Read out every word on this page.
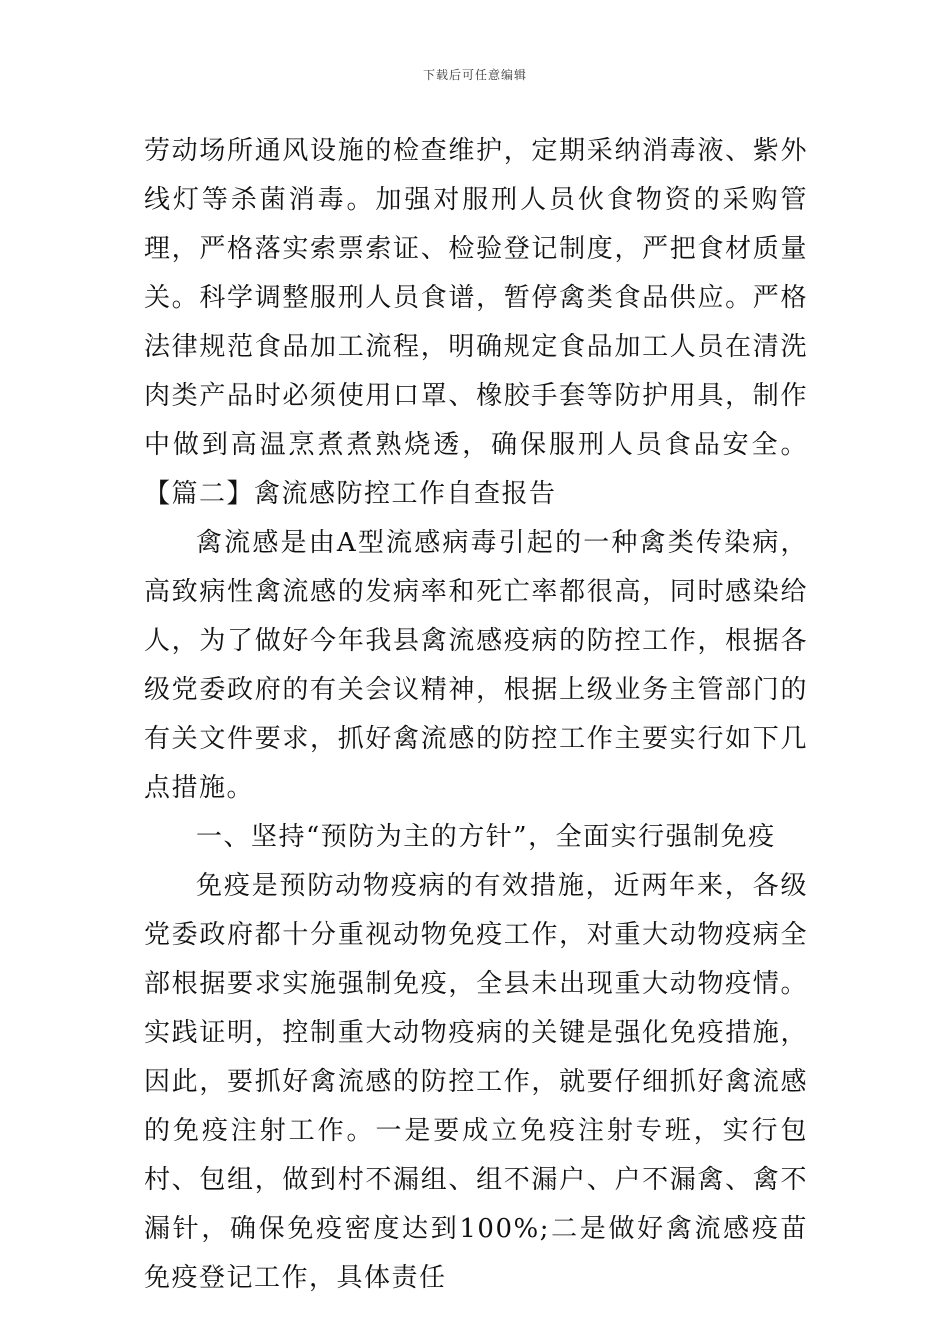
下载后可任意编辑

劳动场所通风设施的检查维护，定期采纳消毒液、紫外线灯等杀菌消毒。加强对服刑人员伙食物资的采购管理，严格落实索票索证、检验登记制度，严把食材质量关。科学调整服刑人员食谱，暂停禽类食品供应。严格法律规范食品加工流程，明确规定食品加工人员在清洗肉类产品时必须使用口罩、橡胶手套等防护用具，制作中做到高温烹煮煮熟烧透，确保服刑人员食品安全。【篇二】禽流感防控工作自查报告

禽流感是由A型流感病毒引起的一种禽类传染病，高致病性禽流感的发病率和死亡率都很高，同时感染给人，为了做好今年我县禽流感疫病的防控工作，根据各级党委政府的有关会议精神，根据上级业务主管部门的有关文件要求，抓好禽流感的防控工作主要实行如下几点措施。

一、坚持“预防为主的方针”，全面实行强制免疫

免疫是预防动物疫病的有效措施，近两年来，各级党委政府都十分重视动物免疫工作，对重大动物疫病全部根据要求实施强制免疫，全县未出现重大动物疫情。实践证明，控制重大动物疫病的关键是强化免疫措施，因此，要抓好禽流感的防控工作，就要仔细抓好禽流感的免疫注射工作。一是要成立免疫注射专班，实行包村、包组，做到村不漏组、组不漏户、户不漏禽、禽不漏针，确保免疫密度达到100%;二是做好禽流感疫苗免疫登记工作，具体责任
